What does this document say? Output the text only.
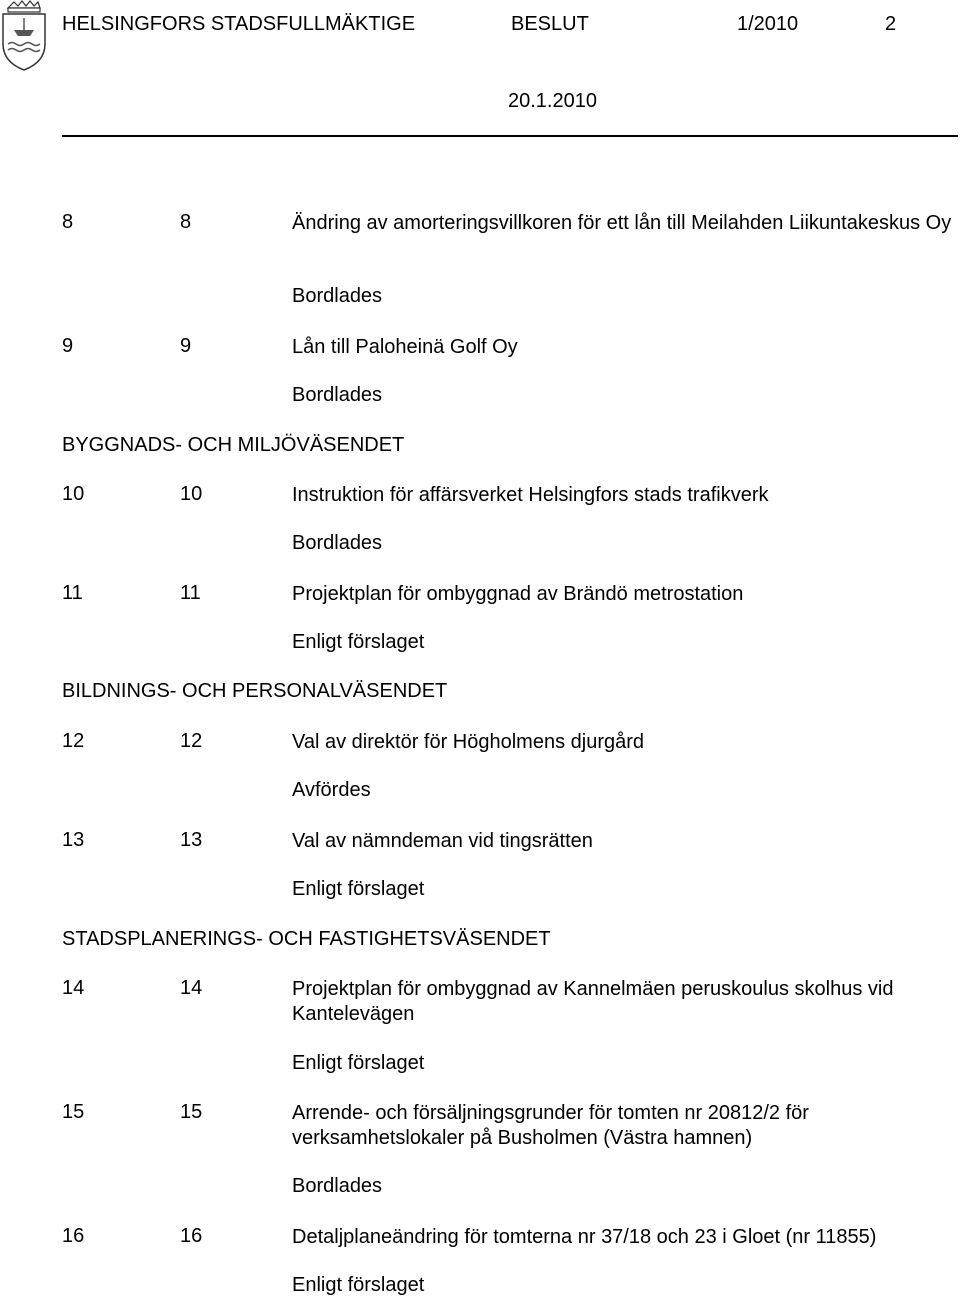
HELSINGFORS STADSFULLMÄKTIGE	BESLUT	1/2010	2
20.1.2010
8	8	Ändring av amorteringsvillkoren för ett lån till Meilahden Liikuntakeskus Oy
Bordlades
9	9	Lån till Paloheinä Golf Oy
Bordlades
BYGGNADS- OCH MILJÖVÄSENDET
10	10	Instruktion för affärsverket Helsingfors stads trafikverk
Bordlades
11	11	Projektplan för ombyggnad av Brändö metrostation
Enligt förslaget
BILDNINGS- OCH PERSONALVÄSENDET
12	12	Val av direktör för Högholmens djurgård
Avfördes
13	13	Val av nämndeman vid tingsrätten
Enligt förslaget
STADSPLANERINGS- OCH FASTIGHETSVÄSENDET
14	14	Projektplan för ombyggnad av Kannelmäen peruskoulus skolhus vid Kantelevägen
Enligt förslaget
15	15	Arrende- och försäljningsgrunder för tomten nr 20812/2 för verksamhetslokaler på Busholmen (Västra hamnen)
Bordlades
16	16	Detaljplaneändring för tomterna nr 37/18 och 23 i Gloet (nr 11855)
Enligt förslaget
